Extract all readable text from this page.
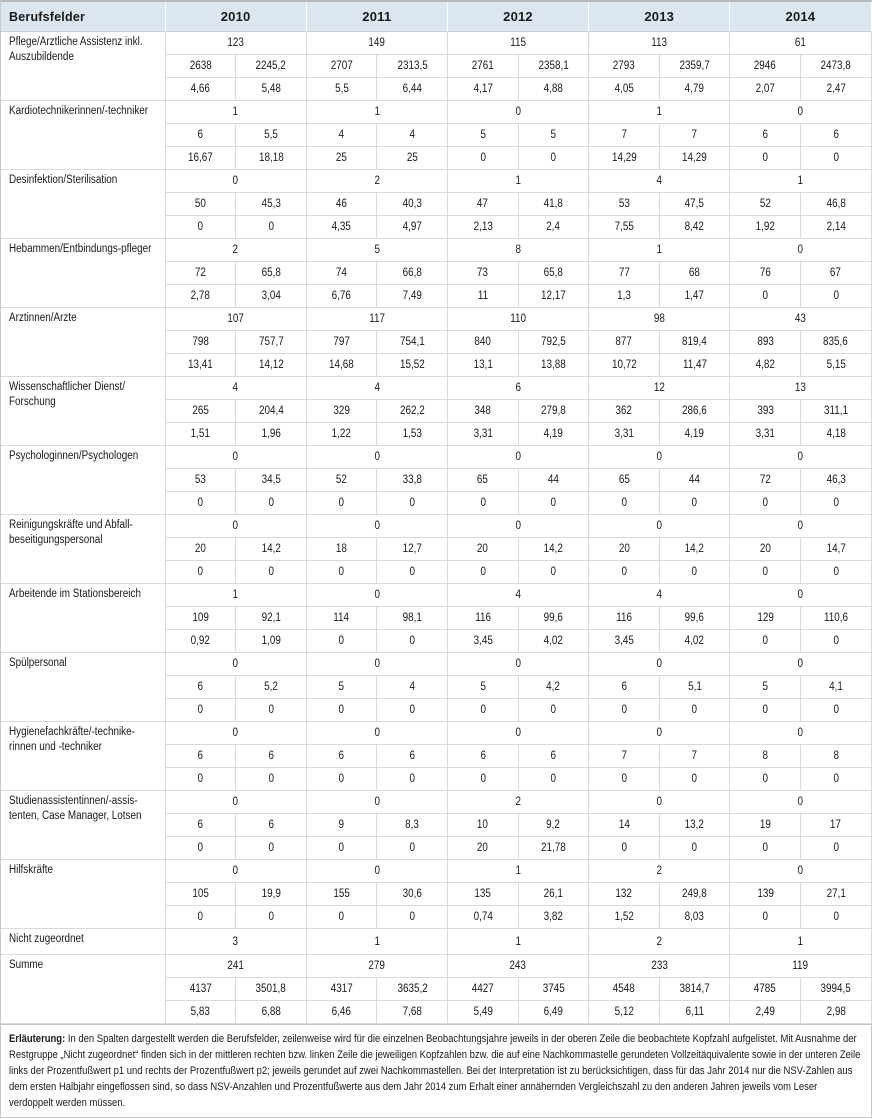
Berufsfelder	2010		2011		2012		2013		2014	
Pflege/Ärztliche Assistenz inkl. Auszubildende	123		149		115		113		61	
	2638	2245,2	2707	2313,5	2761	2358,1	2793	2359,7	2946	2473,8
	4,66	5,48	5,5	6,44	4,17	4,88	4,05	4,79	2,07	2,47
Kardiotechnikerinnen/-techniker	1		1		0		1		0	
	6	5,5	4	4	5	5	7	7	6	6
	16,67	18,18	25	25	0	0	14,29	14,29	0	0
Desinfektion/Sterilisation	0		2		1		4		1	
	50	45,3	46	40,3	47	41,8	53	47,5	52	46,8
	0	0	4,35	4,97	2,13	2,4	7,55	8,42	1,92	2,14
Hebammen/Entbindungs-pfleger	2		5		8		1		0	
	72	65,8	74	66,8	73	65,8	77	68	76	67
	2,78	3,04	6,76	7,49	11	12,17	1,3	1,47	0	0
Ärztinnen/Ärzte	107		117		110		98		43	
	798	757,7	797	754,1	840	792,5	877	819,4	893	835,6
	13,41	14,12	14,68	15,52	13,1	13,88	10,72	11,47	4,82	5,15
Wissenschaftlicher Dienst/ Forschung	4		4		6		12		13	
	265	204,4	329	262,2	348	279,8	362	286,6	393	311,1
	1,51	1,96	1,22	1,53	3,31	4,19	3,31	4,19	3,31	4,18
Psychologinnen/Psychologen	0		0		0		0		0	
	53	34,5	52	33,8	65	44	65	44	72	46,3
	0	0	0	0	0	0	0	0	0	0
Reinigungskräfte und Abfall-beseitigungspersonal	0		0		0		0		0	
	20	14,2	18	12,7	20	14,2	20	14,2	20	14,7
	0	0	0	0	0	0	0	0	0	0
Arbeitende im Stationsbereich	1		0		4		4		0	
	109	92,1	114	98,1	116	99,6	116	99,6	129	110,6
	0,92	1,09	0	0	3,45	4,02	3,45	4,02	0	0
Spülpersonal	0		0		0		0		0	
	6	5,2	5	4	5	4,2	6	5,1	5	4,1
	0	0	0	0	0	0	0	0	0	0
Hygienefachkräfte/-technike-rinnen und -techniker	0		0		0		0		0	
	6	6	6	6	6	6	7	7	8	8
	0	0	0	0	0	0	0	0	0	0
Studienassistentinnen/-assis-tenten, Case Manager, Lotsen	0		0		2		0		0	
	6	6	9	8,3	10	9,2	14	13,2	19	17
	0	0	0	0	20	21,78	0	0	0	0
Hilfskräfte	0		0		1		2		0	
	105	19,9	155	30,6	135	26,1	132	249,8	139	27,1
	0	0	0	0	0,74	3,82	1,52	8,03	0	0
Nicht zugeordnet	3		1		1		2		1	
Summe	241		279		243		233		119	
	4137	3501,8	4317	3635,2	4427	3745	4548	3814,7	4785	3994,5
	5,83	6,88	6,46	7,68	5,49	6,49	5,12	6,11	2,49	2,98
Erläuterung: In den Spalten dargestellt werden die Berufsfelder, zeilenweise wird für die einzelnen Beobachtungsjahre jeweils in der oberen Zeile die beobachtete Kopfzahl aufgelistet. Mit Ausnahme der Restgruppe „Nicht zugeordnet“ finden sich in der mittleren rechten bzw. linken Zeile die jeweiligen Kopfzahlen bzw. die auf eine Nachkommastelle gerundeten Vollzeitäquivalente sowie in der unteren Zeile links der Prozentfußwert p1 und rechts der Prozentfußwert p2; jeweils gerundet auf zwei Nachkommastellen. Bei der Interpretation ist zu berücksichtigen, dass für das Jahr 2014 nur die NSV-Zahlen aus dem ersten Halbjahr eingeflossen sind, so dass NSV-Anzahlen und Prozentfußwerte aus dem Jahr 2014 zum Erhalt einer annähernden Vergleichszahl zu den anderen Jahren jeweils vom Leser verdoppelt werden müssen.
